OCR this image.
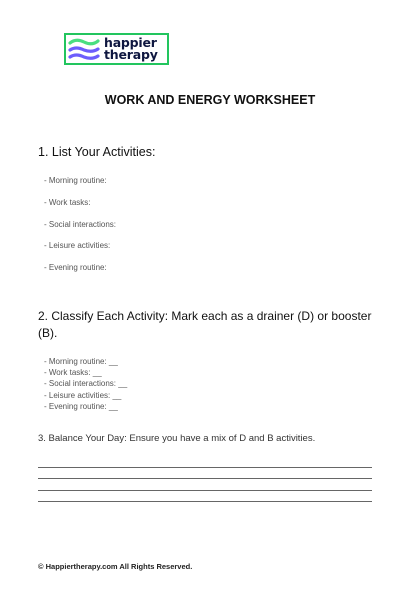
happier
therapy
WORK AND ENERGY WORKSHEET
1. List Your Activities:
- Morning routine:
- Work tasks:
- Social interactions:
- Leisure activities:
- Evening routine:
2. Classify Each Activity: Mark each as a drainer (D) or booster (B).
- Morning routine: __
- Work tasks: __
- Social interactions: __
- Leisure activities: __
- Evening routine: __
3. Balance Your Day: Ensure you have a mix of D and B activities.
© Happiertherapy.com All Rights Reserved.
